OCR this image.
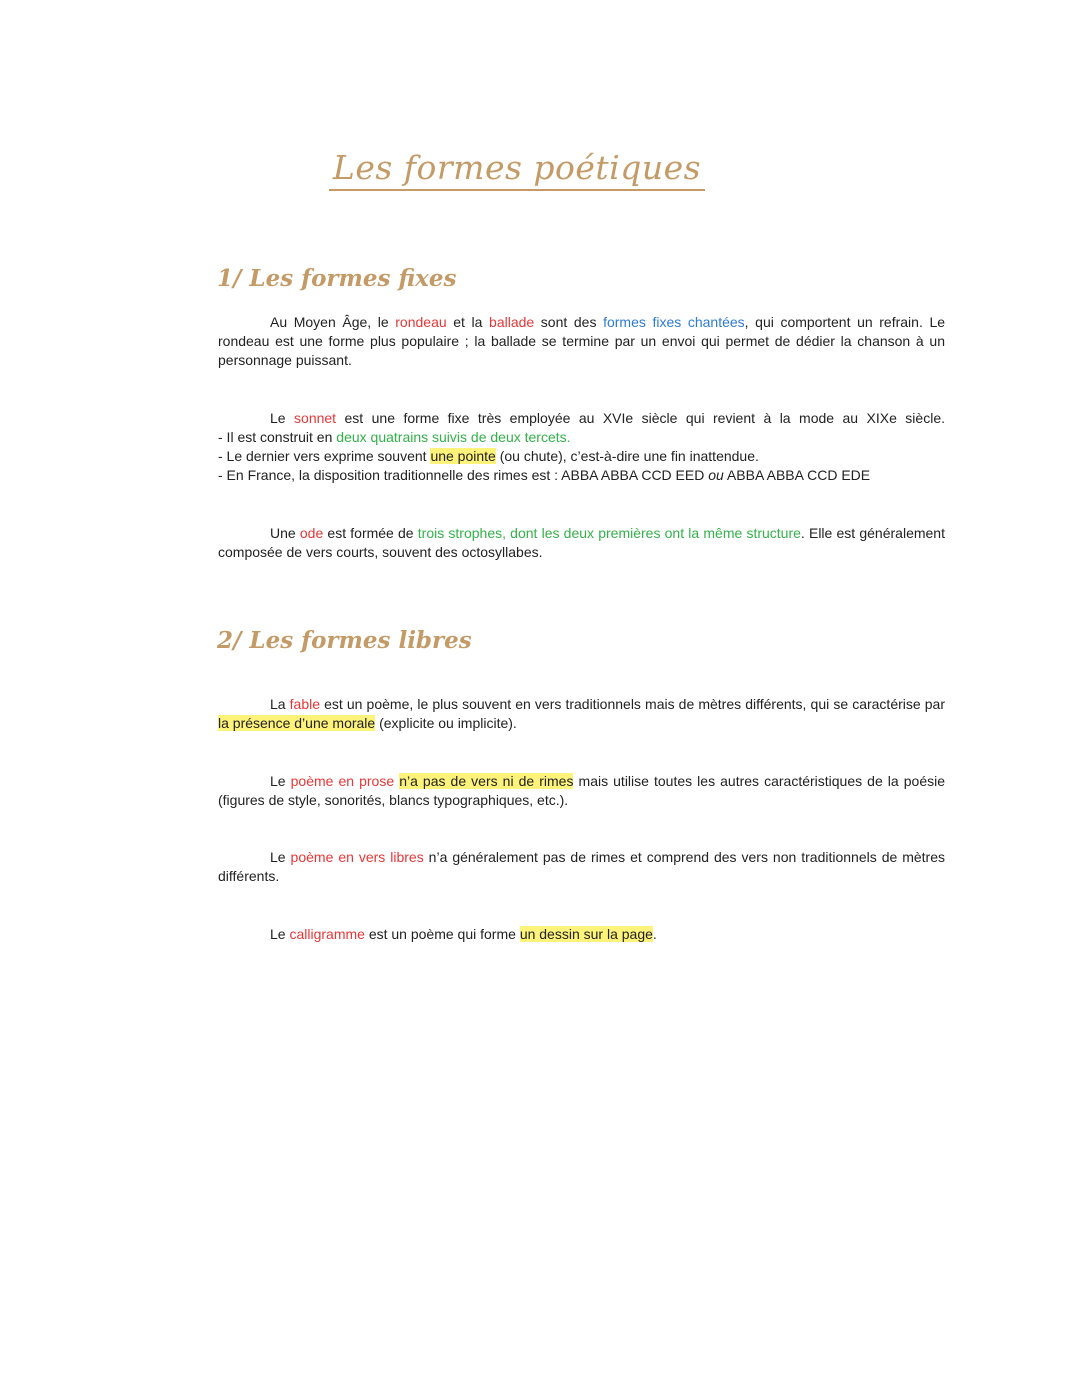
Les formes poétiques
1/ Les formes fixes
Au Moyen Âge, le rondeau et la ballade sont des formes fixes chantées, qui comportent un refrain. Le rondeau est une forme plus populaire ; la ballade se termine par un envoi qui permet de dédier la chanson à un personnage puissant.
Le sonnet est une forme fixe très employée au XVIe siècle qui revient à la mode au XIXe siècle.
- Il est construit en deux quatrains suivis de deux tercets.
- Le dernier vers exprime souvent une pointe (ou chute), c’est-à-dire une fin inattendue.
- En France, la disposition traditionnelle des rimes est : ABBA ABBA CCD EED ou ABBA ABBA CCD EDE
Une ode est formée de trois strophes, dont les deux premières ont la même structure. Elle est généralement composée de vers courts, souvent des octosyllabes.
2/ Les formes libres
La fable est un poème, le plus souvent en vers traditionnels mais de mètres différents, qui se caractérise par la présence d’une morale (explicite ou implicite).
Le poème en prose n’a pas de vers ni de rimes mais utilise toutes les autres caractéristiques de la poésie (figures de style, sonorités, blancs typographiques, etc.).
Le poème en vers libres n’a généralement pas de rimes et comprend des vers non traditionnels de mètres différents.
Le calligramme est un poème qui forme un dessin sur la page.
